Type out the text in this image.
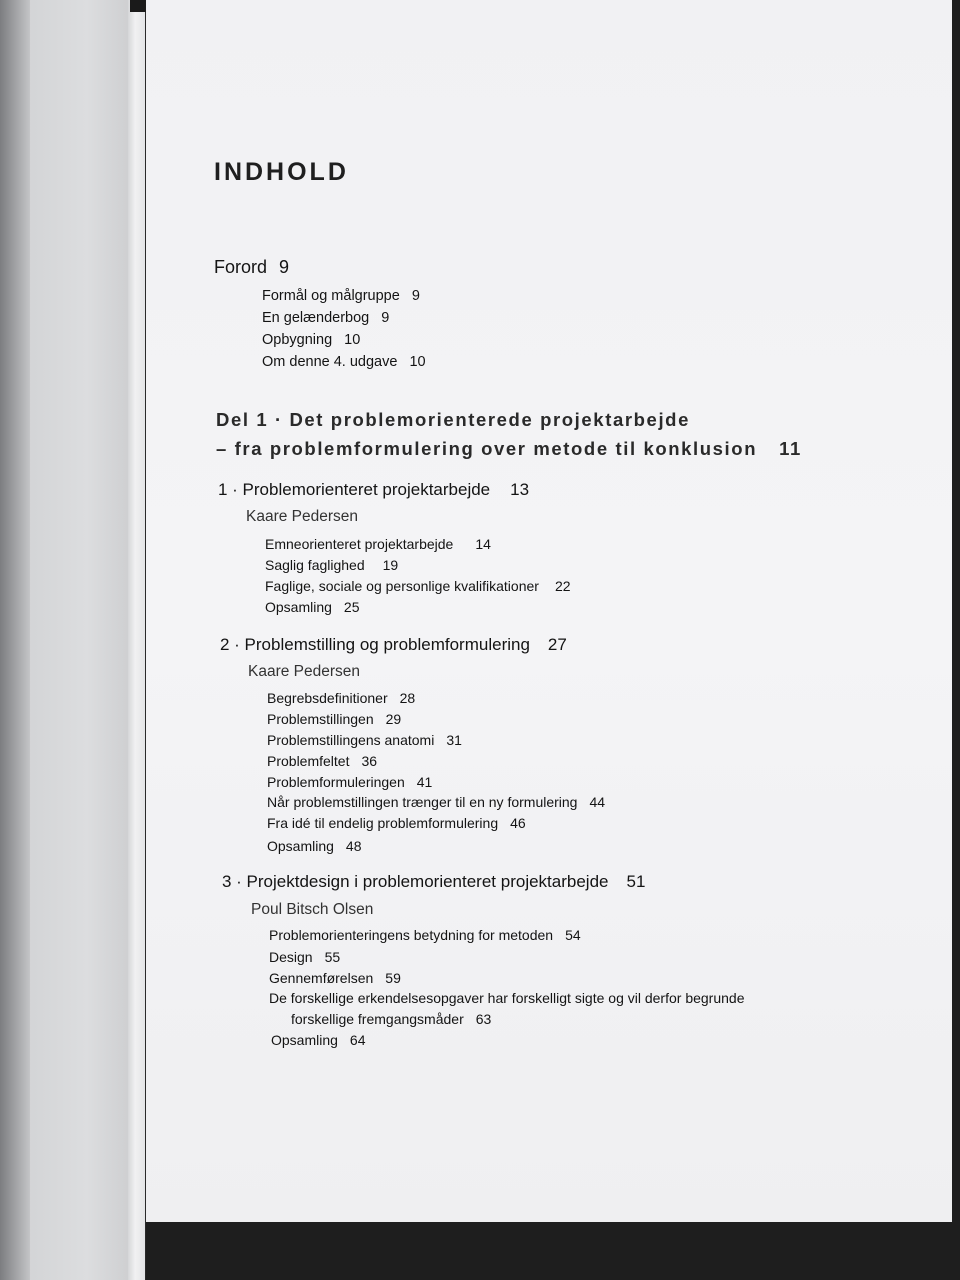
INDHOLD
Forord 9
Formål og målgruppe 9
En gelænderbog 9
Opbygning 10
Om denne 4. udgave 10
Del 1 · Det problemorienterede projektarbejde
– fra problemformulering over metode til konklusion 11
1 · Problemorienteret projektarbejde 13
Kaare Pedersen
Emneorienteret projektarbejde 14
Saglig faglighed 19
Faglige, sociale og personlige kvalifikationer 22
Opsamling 25
2 · Problemstilling og problemformulering 27
Kaare Pedersen
Begrebsdefinitioner 28
Problemstillingen 29
Problemstillingens anatomi 31
Problemfeltet 36
Problemformuleringen 41
Når problemstillingen trænger til en ny formulering 44
Fra idé til endelig problemformulering 46
Opsamling 48
3 · Projektdesign i problemorienteret projektarbejde 51
Poul Bitsch Olsen
Problemorienteringens betydning for metoden 54
Design 55
Gennemførelsen 59
De forskellige erkendelsesopgaver har forskelligt sigte og vil derfor begrunde
forskellige fremgangsmåder 63
Opsamling 64
